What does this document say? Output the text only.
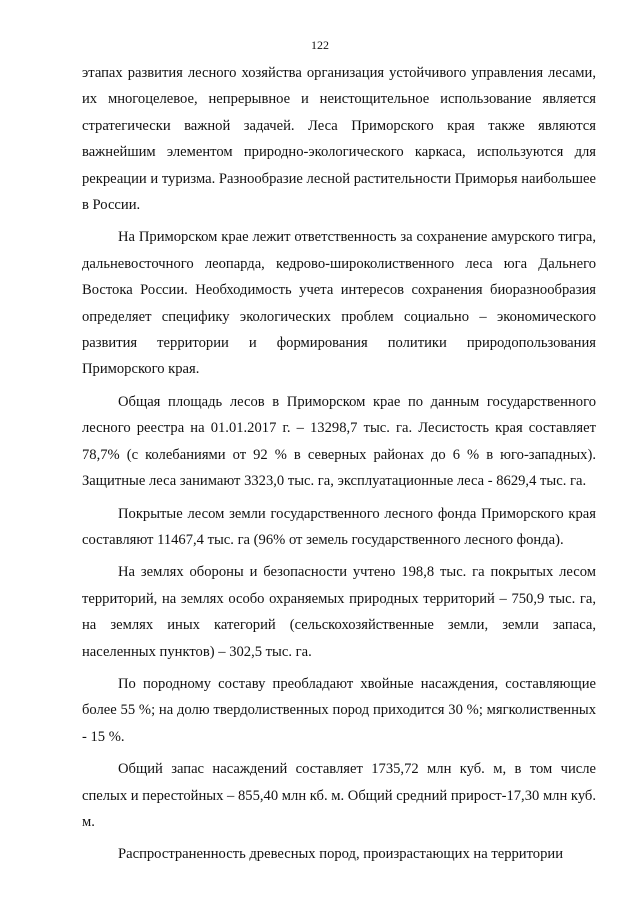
122

этапах развития лесного хозяйства организация устойчивого управления лесами, их многоцелевое, непрерывное и неистощительное использование является стратегически важной задачей. Леса Приморского края также являются важнейшим элементом природно-экологического каркаса, используются для рекреации и туризма. Разнообразие лесной растительности Приморья наибольшее в России.

На Приморском крае лежит ответственность за сохранение амурского тигра, дальневосточного леопарда, кедрово-широколиственного леса юга Дальнего Востока России. Необходимость учета интересов сохранения биоразнообразия определяет специфику экологических проблем социально – экономического развития территории и формирования политики природопользования Приморского края.

Общая площадь лесов в Приморском крае по данным государственного лесного реестра на 01.01.2017 г. – 13298,7 тыс. га. Лесистость края составляет 78,7% (с колебаниями от 92 % в северных районах до 6 % в юго-западных). Защитные леса занимают 3323,0 тыс. га, эксплуатационные леса - 8629,4 тыс. га.

Покрытые лесом земли государственного лесного фонда Приморского края составляют 11467,4 тыс. га (96% от земель государственного лесного фонда).

На землях обороны и безопасности учтено 198,8 тыс. га покрытых лесом территорий, на землях особо охраняемых природных территорий – 750,9 тыс. га, на землях иных категорий (сельскохозяйственные земли, земли запаса, населенных пунктов) – 302,5 тыс. га.

По породному составу преобладают хвойные насаждения, составляющие более 55 %; на долю твердолиственных пород приходится 30 %; мягколиственных - 15 %.

Общий запас насаждений составляет 1735,72 млн куб. м, в том числе спелых и перестойных – 855,40 млн кб. м. Общий средний прирост-17,30 млн куб. м.

Распространенность древесных пород, произрастающих на территории
